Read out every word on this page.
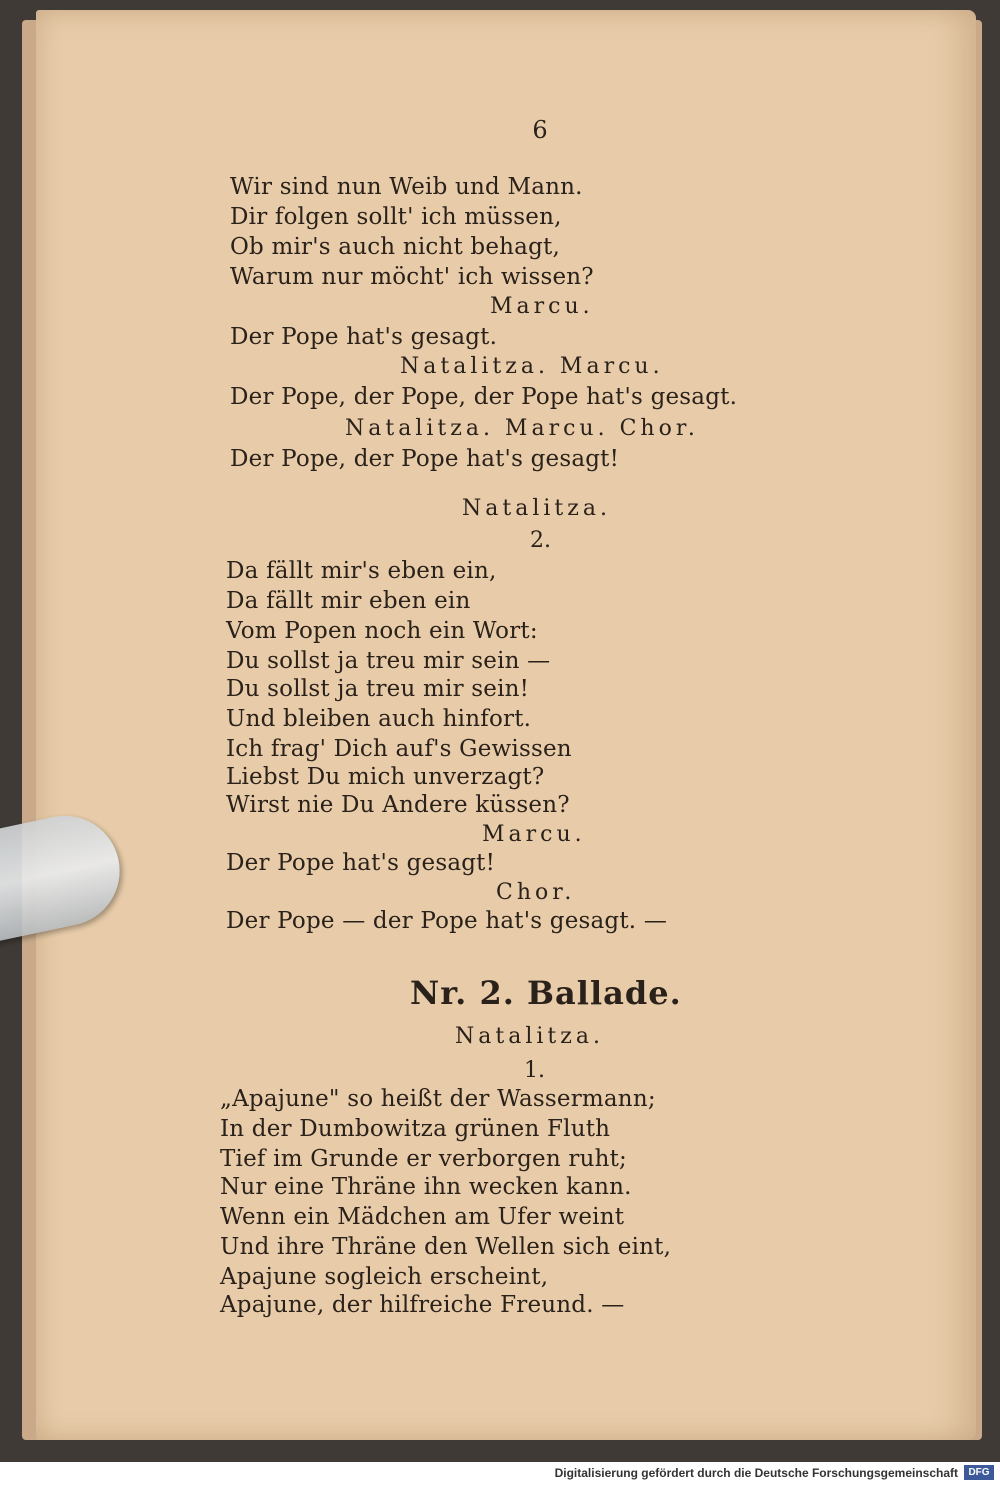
6
Wir sind nun Weib und Mann.
Dir folgen sollt' ich müssen,
Ob mir's auch nicht behagt,
Warum nur möcht' ich wissen?
Marcu.
Der Pope hat's gesagt.
Natalitza. Marcu.
Der Pope, der Pope, der Pope hat's gesagt.
Natalitza. Marcu. Chor.
Der Pope, der Pope hat's gesagt!
Natalitza.
2.
Da fällt mir's eben ein,
Da fällt mir eben ein
Vom Popen noch ein Wort:
Du sollst ja treu mir sein —
Du sollst ja treu mir sein!
Und bleiben auch hinfort.
Ich frag' Dich auf's Gewissen
Liebst Du mich unverzagt?
Wirst nie Du Andere küssen?
Marcu.
Der Pope hat's gesagt!
Chor.
Der Pope — der Pope hat's gesagt. —
Nr. 2. Ballade.
Natalitza.
1.
„Apajune" so heißt der Wassermann;
In der Dumbowitza grünen Fluth
Tief im Grunde er verborgen ruht;
Nur eine Thräne ihn wecken kann.
Wenn ein Mädchen am Ufer weint
Und ihre Thräne den Wellen sich eint,
Apajune sogleich erscheint,
Apajune, der hilfreiche Freund. —
Digitalisierung gefördert durch die Deutsche Forschungsgemeinschaft	DFG
